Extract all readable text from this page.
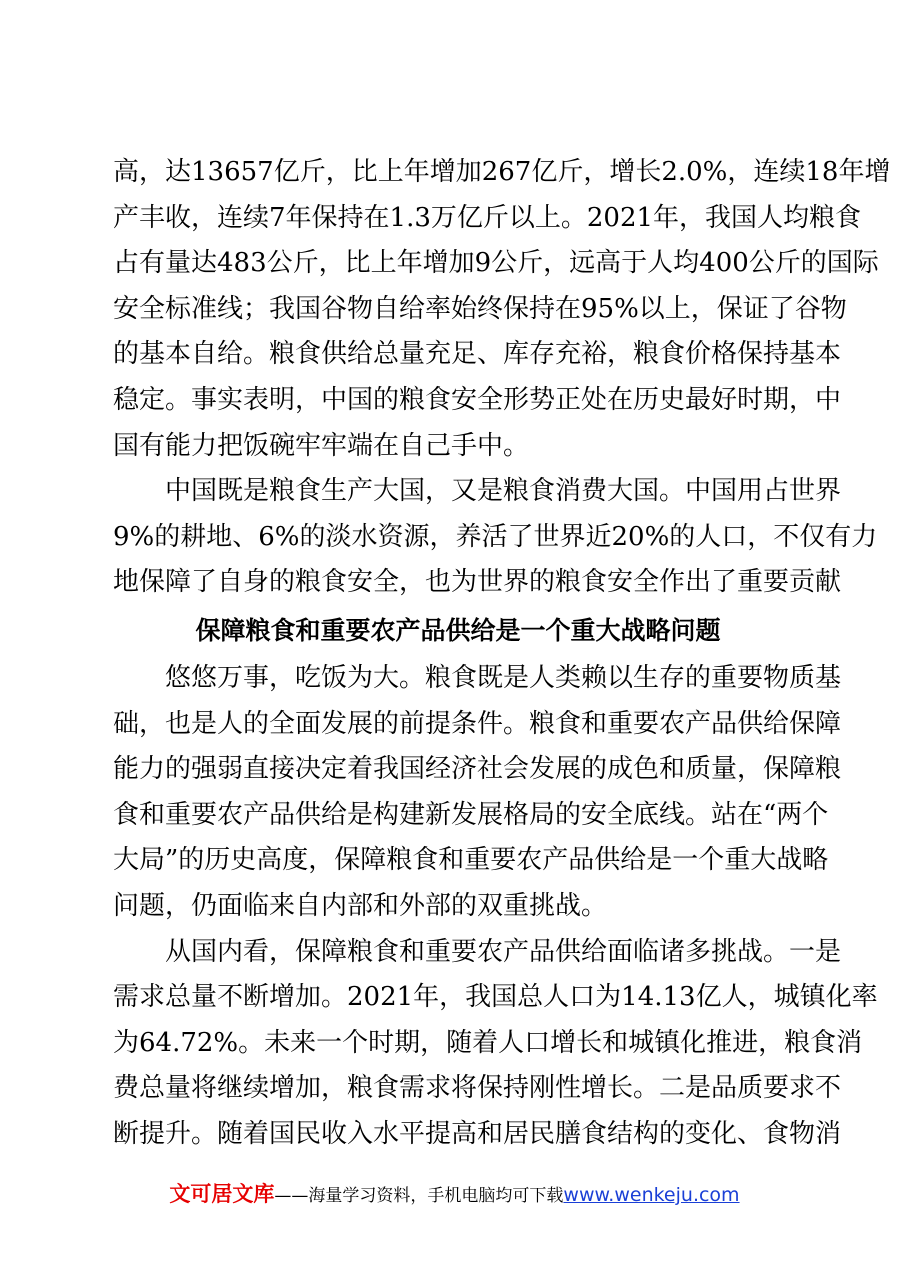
高，达13657亿斤，比上年增加267亿斤，增长2.0%，连续18年增
产丰收，连续7年保持在1.3万亿斤以上。2021年，我国人均粮食
占有量达483公斤，比上年增加9公斤，远高于人均400公斤的国际
安全标准线；我国谷物自给率始终保持在95%以上，保证了谷物
的基本自给。粮食供给总量充足、库存充裕，粮食价格保持基本
稳定。事实表明，中国的粮食安全形势正处在历史最好时期，中
国有能力把饭碗牢牢端在自己手中。
中国既是粮食生产大国，又是粮食消费大国。中国用占世界
9%的耕地、6%的淡水资源，养活了世界近20%的人口，不仅有力
地保障了自身的粮食安全，也为世界的粮食安全作出了重要贡献
保障粮食和重要农产品供给是一个重大战略问题
悠悠万事，吃饭为大。粮食既是人类赖以生存的重要物质基
础，也是人的全面发展的前提条件。粮食和重要农产品供给保障
能力的强弱直接决定着我国经济社会发展的成色和质量，保障粮
食和重要农产品供给是构建新发展格局的安全底线。站在“两个
大局”的历史高度，保障粮食和重要农产品供给是一个重大战略
问题，仍面临来自内部和外部的双重挑战。
从国内看，保障粮食和重要农产品供给面临诸多挑战。一是
需求总量不断增加。2021年，我国总人口为14.13亿人，城镇化率
为64.72%。未来一个时期，随着人口增长和城镇化推进，粮食消
费总量将继续增加，粮食需求将保持刚性增长。二是品质要求不
断提升。随着国民收入水平提高和居民膳食结构的变化、食物消
文可居文库——海量学习资料，手机电脑均可下载www.wenkeju.com
